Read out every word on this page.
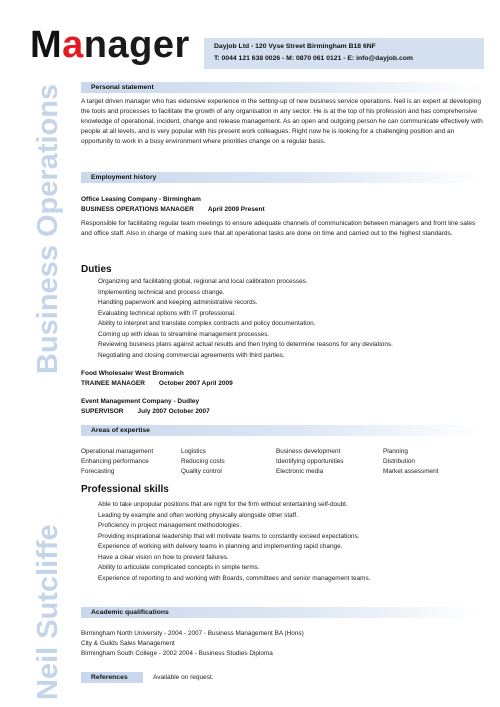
Manager	Dayjob Ltd - 120 Vyse Street Birmingham B18 6NF
T: 0044 121 638 0026 - M: 0870 061 0121 - E: info@dayjob.com
Business Operations
Neil Sutcliffe
Personal statement
A target driven manager who has extensive experience in the setting-up of new business service operations. Neil is an expert at developing the tools and processes to facilitate the growth of any organisation in any sector. He is at the top of his profession and has comprehensive knowledge of operational, incident, change and release management. As an open and outgoing person he can communicate effectively with people at all levels, and is very popular with his present work colleagues. Right now he is looking for a challenging position and an opportunity to work in a busy environment where priorities change on a regular basis.
Employment history
Office Leasing Company - Birmingham
BUSINESS OPERATIONS MANAGER April 2009 Present
Responsible for facilitating regular team meetings to ensure adequate channels of communication between managers and front line sales and office staff. Also in charge of making sure that all operational tasks are done on time and carried out to the highest standards.
Duties
Organizing and facilitating global, regional and local calibration processes.
Implementing technical and process change.
Handling paperwork and keeping administrative records.
Evaluating technical options with IT professional.
Ability to interpret and translate complex contracts and policy documentation.
Coming up with ideas to streamline management processes.
Reviewing business plans against actual results and then trying to determine reasons for any deviations.
Negotiating and closing commercial agreements with third parties.
Food Wholesaler West Bromwich
TRAINEE MANAGER October 2007 April 2009
Event Management Company - Dudley
SUPERVISOR July 2007 October 2007
Areas of expertise
Operational management
Enhancing performance
Forecasting
Logistics
Reducing costs
Quality control
Business development
Identifying opportunities
Electronic media
Planning
Distribution
Market assessment
Professional skills
Able to take unpopular positions that are right for the firm without entertaining self-doubt.
Leading by example and often working physically alongside other staff.
Proficiency in project management methodologies.
Providing inspirational leadership that will motivate teams to constantly exceed expectations.
Experience of working with delivery teams in planning and implementing rapid change.
Have a clear vision on how to prevent failures.
Ability to articulate complicated concepts in simple terms.
Experience of reporting to and working with Boards, committees and senior management teams.
Academic qualifications
Birmingham North University - 2004 - 2007 - Business Management BA (Hons)
City & Guilds Sales Management
Birmingham South College - 2002 2004 - Business Studies Diploma
References	Available on request.
